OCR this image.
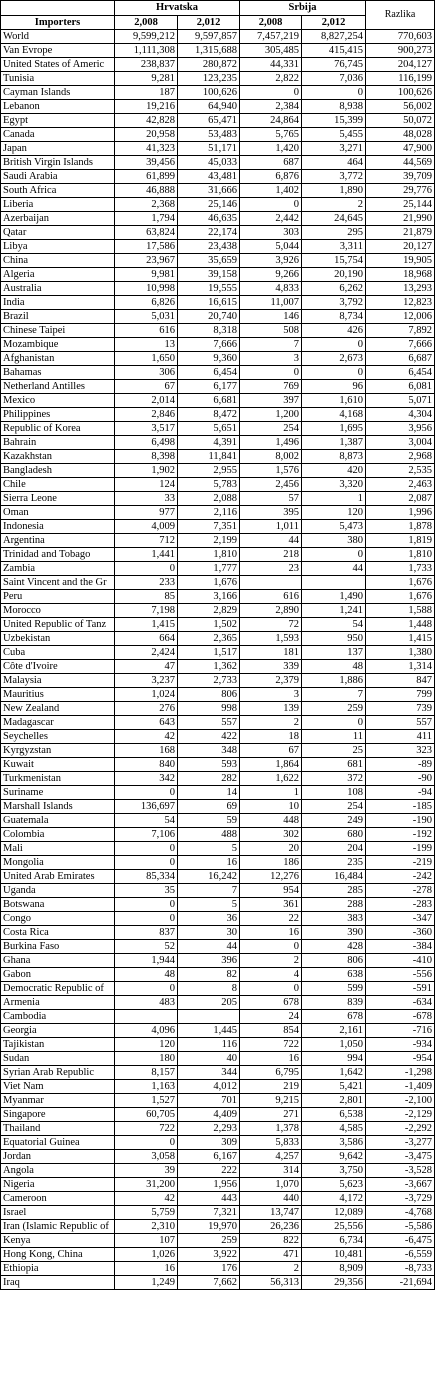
	Hrvatska		Srbija		Razlika
Importers	2,008	2,012	2,008	2,012	
World	9,599,212	9,597,857	7,457,219	8,827,254	770,603
Van Evrope	1,111,308	1,315,688	305,485	415,415	900,273
United States of Americ	238,837	280,872	44,331	76,745	204,127
Tunisia	9,281	123,235	2,822	7,036	116,199
Cayman Islands	187	100,626	0	0	100,626
Lebanon	19,216	64,940	2,384	8,938	56,002
Egypt	42,828	65,471	24,864	15,399	50,072
Canada	20,958	53,483	5,765	5,455	48,028
Japan	41,323	51,171	1,420	3,271	47,900
British Virgin Islands	39,456	45,033	687	464	44,569
Saudi Arabia	61,899	43,481	6,876	3,772	39,709
South Africa	46,888	31,666	1,402	1,890	29,776
Liberia	2,368	25,146	0	2	25,144
Azerbaijan	1,794	46,635	2,442	24,645	21,990
Qatar	63,824	22,174	303	295	21,879
Libya	17,586	23,438	5,044	3,311	20,127
China	23,967	35,659	3,926	15,754	19,905
Algeria	9,981	39,158	9,266	20,190	18,968
Australia	10,998	19,555	4,833	6,262	13,293
India	6,826	16,615	11,007	3,792	12,823
Brazil	5,031	20,740	146	8,734	12,006
Chinese Taipei	616	8,318	508	426	7,892
Mozambique	13	7,666	7	0	7,666
Afghanistan	1,650	9,360	3	2,673	6,687
Bahamas	306	6,454	0	0	6,454
Netherland Antilles	67	6,177	769	96	6,081
Mexico	2,014	6,681	397	1,610	5,071
Philippines	2,846	8,472	1,200	4,168	4,304
Republic of Korea	3,517	5,651	254	1,695	3,956
Bahrain	6,498	4,391	1,496	1,387	3,004
Kazakhstan	8,398	11,841	8,002	8,873	2,968
Bangladesh	1,902	2,955	1,576	420	2,535
Chile	124	5,783	2,456	3,320	2,463
Sierra Leone	33	2,088	57	1	2,087
Oman	977	2,116	395	120	1,996
Indonesia	4,009	7,351	1,011	5,473	1,878
Argentina	712	2,199	44	380	1,819
Trinidad and Tobago	1,441	1,810	218	0	1,810
Zambia	0	1,777	23	44	1,733
Saint Vincent and the Gr	233	1,676			1,676
Peru	85	3,166	616	1,490	1,676
Morocco	7,198	2,829	2,890	1,241	1,588
United Republic of Tanz	1,415	1,502	72	54	1,448
Uzbekistan	664	2,365	1,593	950	1,415
Cuba	2,424	1,517	181	137	1,380
Côte d'Ivoire	47	1,362	339	48	1,314
Malaysia	3,237	2,733	2,379	1,886	847
Mauritius	1,024	806	3	7	799
New Zealand	276	998	139	259	739
Madagascar	643	557	2	0	557
Seychelles	42	422	18	11	411
Kyrgyzstan	168	348	67	25	323
Kuwait	840	593	1,864	681	-89
Turkmenistan	342	282	1,622	372	-90
Suriname	0	14	1	108	-94
Marshall Islands	136,697	69	10	254	-185
Guatemala	54	59	448	249	-190
Colombia	7,106	488	302	680	-192
Mali	0	5	20	204	-199
Mongolia	0	16	186	235	-219
United Arab Emirates	85,334	16,242	12,276	16,484	-242
Uganda	35	7	954	285	-278
Botswana	0	5	361	288	-283
Congo	0	36	22	383	-347
Costa Rica	837	30	16	390	-360
Burkina Faso	52	44	0	428	-384
Ghana	1,944	396	2	806	-410
Gabon	48	82	4	638	-556
Democratic Republic of	0	8	0	599	-591
Armenia	483	205	678	839	-634
Cambodia			24	678	-678
Georgia	4,096	1,445	854	2,161	-716
Tajikistan	120	116	722	1,050	-934
Sudan	180	40	16	994	-954
Syrian Arab Republic	8,157	344	6,795	1,642	-1,298
Viet Nam	1,163	4,012	219	5,421	-1,409
Myanmar	1,527	701	9,215	2,801	-2,100
Singapore	60,705	4,409	271	6,538	-2,129
Thailand	722	2,293	1,378	4,585	-2,292
Equatorial Guinea	0	309	5,833	3,586	-3,277
Jordan	3,058	6,167	4,257	9,642	-3,475
Angola	39	222	314	3,750	-3,528
Nigeria	31,200	1,956	1,070	5,623	-3,667
Cameroon	42	443	440	4,172	-3,729
Israel	5,759	7,321	13,747	12,089	-4,768
Iran (Islamic Republic of	2,310	19,970	26,236	25,556	-5,586
Kenya	107	259	822	6,734	-6,475
Hong Kong, China	1,026	3,922	471	10,481	-6,559
Ethiopia	16	176	2	8,909	-8,733
Iraq	1,249	7,662	56,313	29,356	-21,694
